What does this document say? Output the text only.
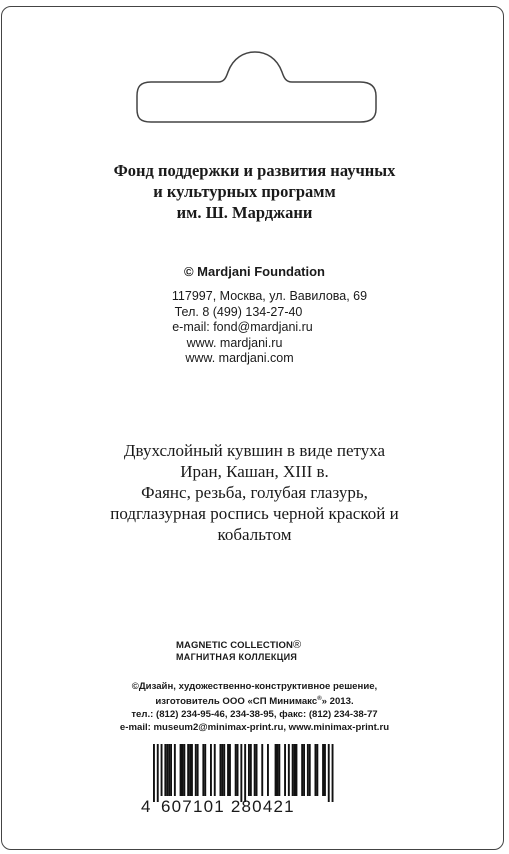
Фонд поддержки и развития научных
и культурных программ
им. Ш. Марджани
© Mardjani Foundation
117997, Москва, ул. Вавилова, 69
Тел. 8 (499) 134-27-40
e-mail: fond@mardjani.ru
www. mardjani.ru
www. mardjani.com
Двухслойный кувшин в виде петуха
Иран, Кашан, XIII в.
Фаянс, резьба, голубая глазурь,
подглазурная роспись черной краской и
кобальтом
MAGNETIC COLLECTION®
МАГНИТНАЯ КОЛЛЕКЦИЯ
©Дизайн, художественно-конструктивное решение,
изготовитель ООО «СП Минимакс®» 2013.
тел.: (812) 234-95-46, 234-38-95, факс: (812) 234-38-77
e-mail: museum2@minimax-print.ru, www.minimax-print.ru
4 607101 280421
